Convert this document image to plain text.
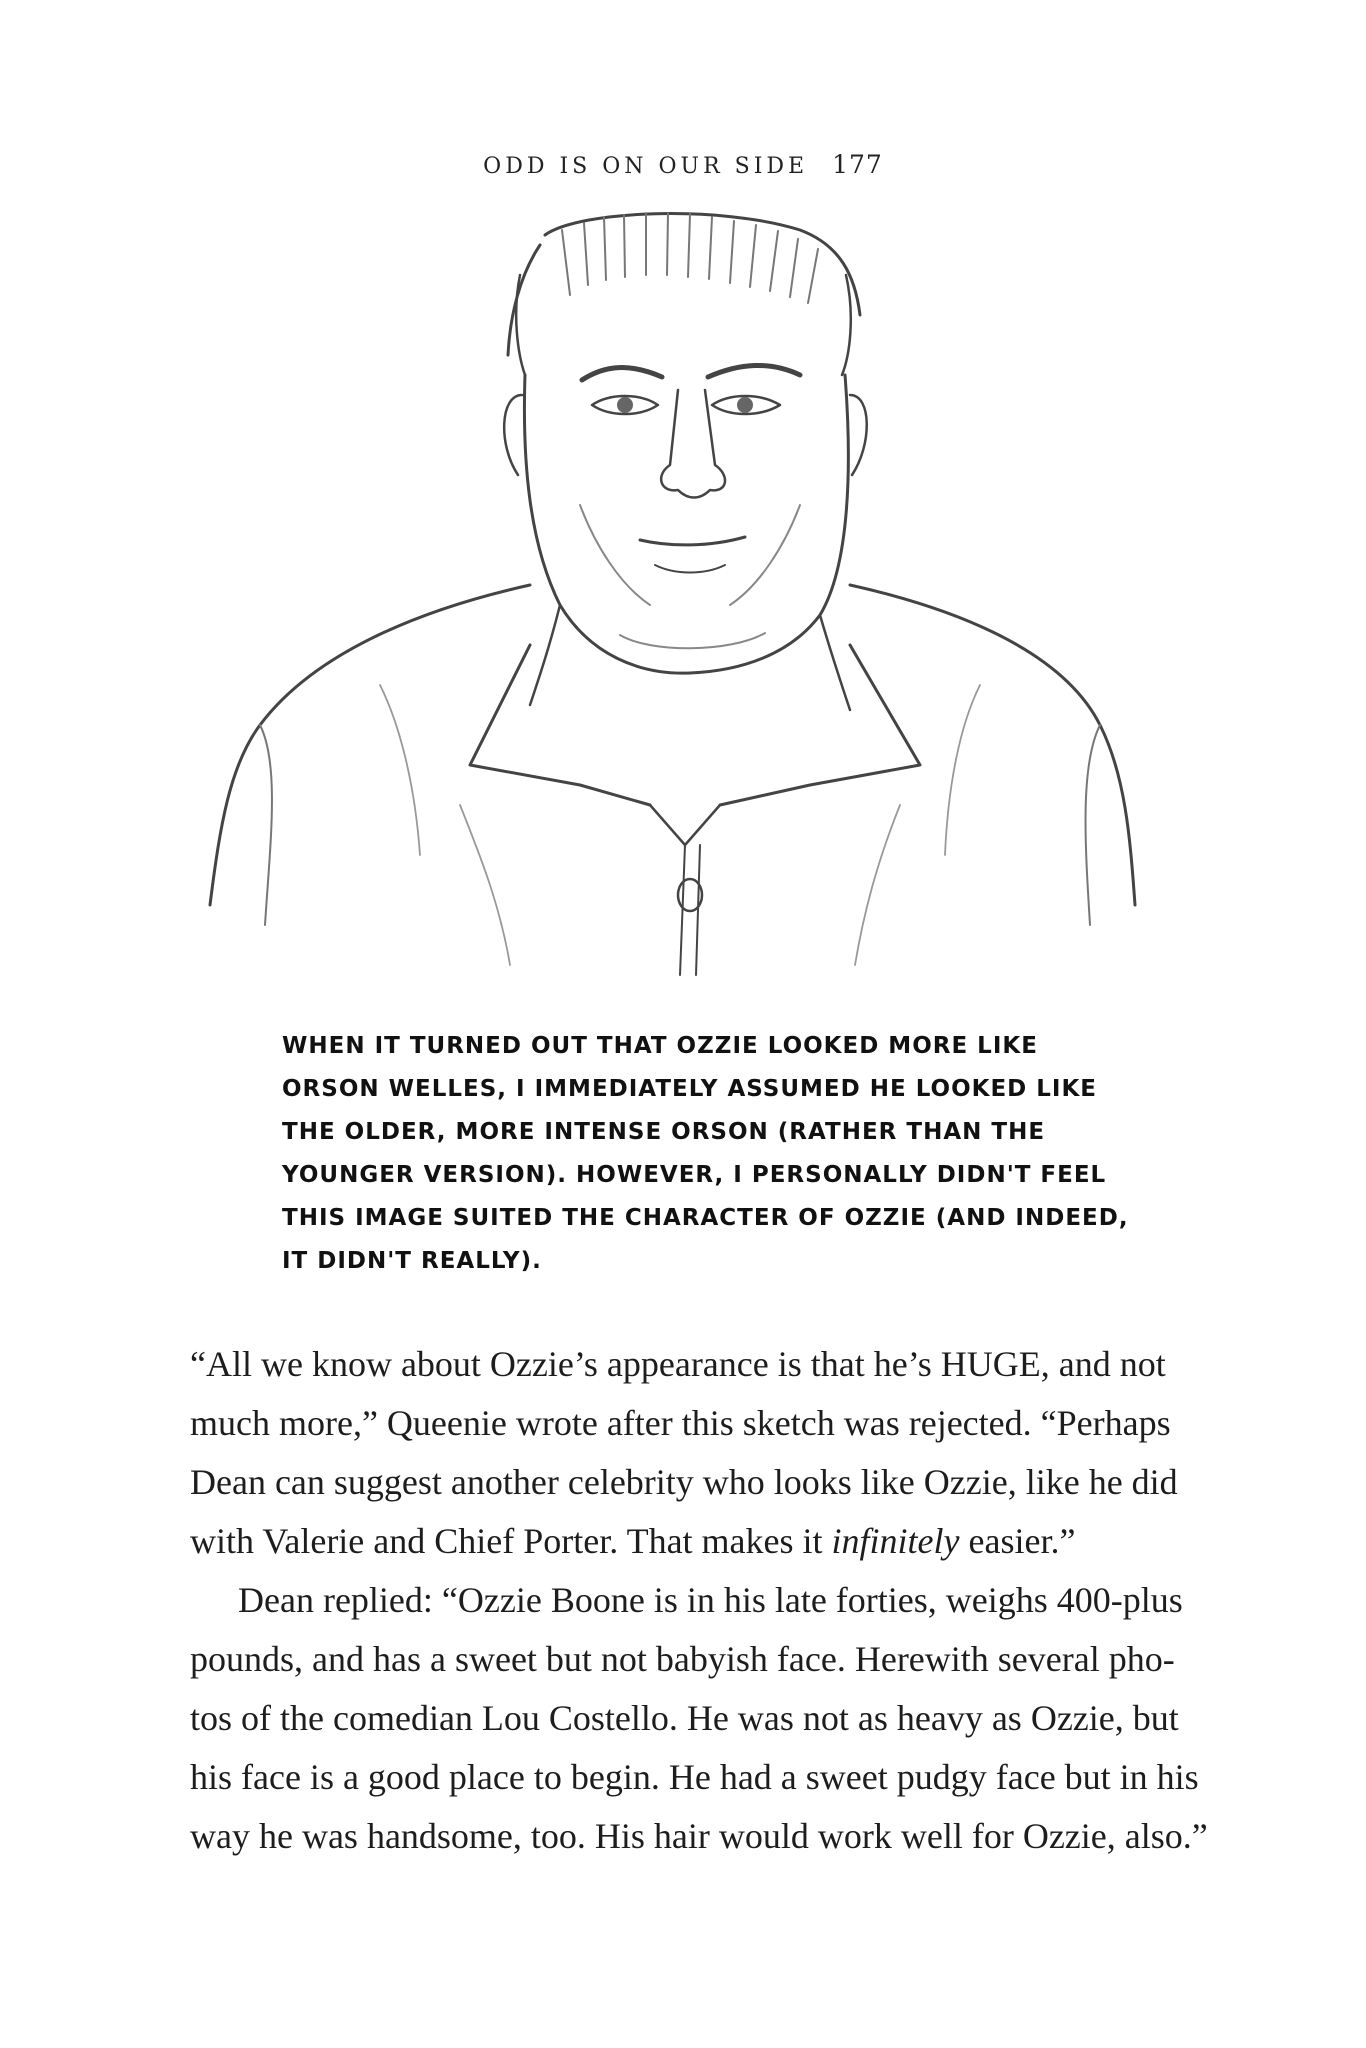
ODD IS ON OUR SIDE 177

WHEN IT TURNED OUT THAT OZZIE LOOKED MORE LIKE

ORSON WELLES, I IMMEDIATELY ASSUMED HE LOOKED LIKE

THE OLDER, MORE INTENSE ORSON (RATHER THAN THE

YOUNGER VERSION). HOWEVER, I PERSONALLY DIDN'T FEEL

THIS IMAGE SUITED THE CHARACTER OF OZZIE (AND INDEED,

IT DIDN'T REALLY).

“All we know about Ozzie’s appearance is that he’s HUGE, and not
much more,” Queenie wrote after this sketch was rejected. “Perhaps
Dean can suggest another celebrity who looks like Ozzie, like he did
with Valerie and Chief Porter. That makes it infinitely easier.”
Dean replied: “Ozzie Boone is in his late forties, weighs 400-plus
pounds, and has a sweet but not babyish face. Herewith several pho-
tos of the comedian Lou Costello. He was not as heavy as Ozzie, but
his face is a good place to begin. He had a sweet pudgy face but in his
way he was handsome, too. His hair would work well for Ozzie, also.”
